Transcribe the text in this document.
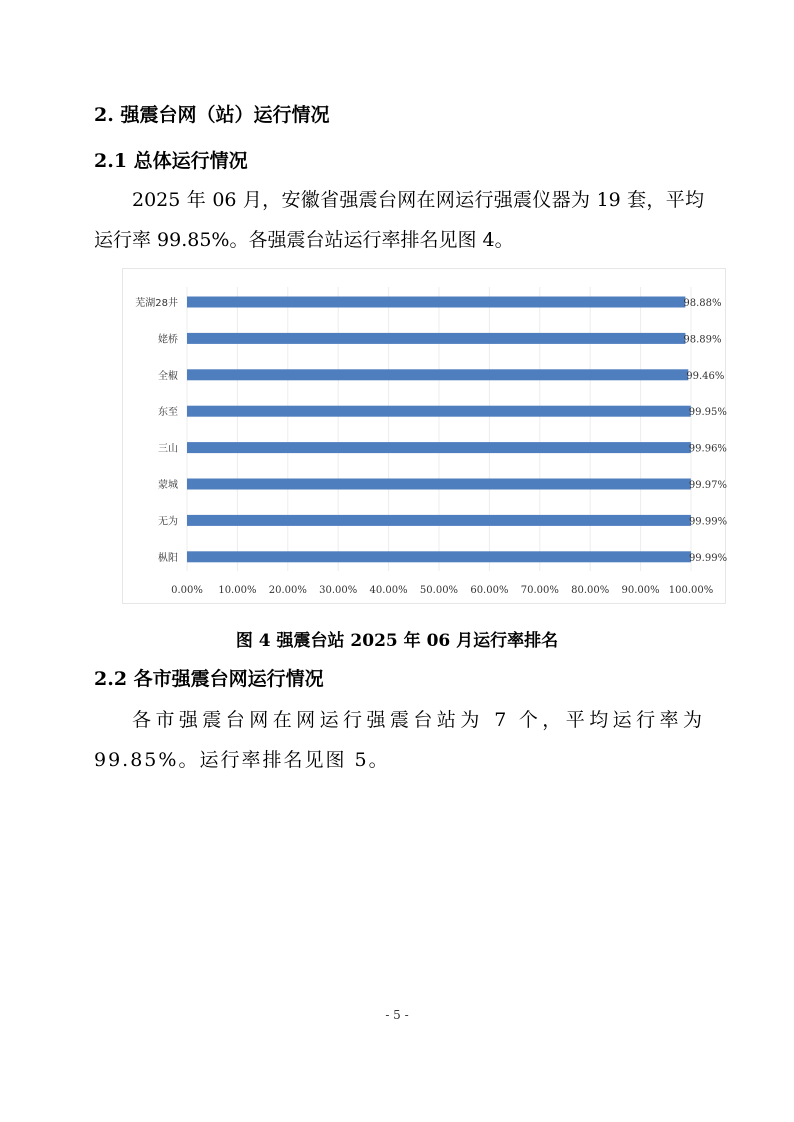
2. 强震台网（站）运行情况
2.1 总体运行情况
2025 年 06 月，安徽省强震台网在网运行强震仪器为 19 套，平均运行率 99.85%。各强震台站运行率排名见图 4。
芜湖28井	98.88%
姥桥	98.89%
全椒	99.46%
东至	99.95%
三山	99.96%
蒙城	99.97%
无为	99.99%
枞阳	99.99%
0.00% 10.00% 20.00% 30.00% 40.00% 50.00% 60.00% 70.00% 80.00% 90.00% 100.00%
图 4 强震台站 2025 年 06 月运行率排名
2.2 各市强震台网运行情况
各市强震台网在网运行强震台站为 7 个，平均运行率为 99.85%。运行率排名见图 5。
- 5 -
